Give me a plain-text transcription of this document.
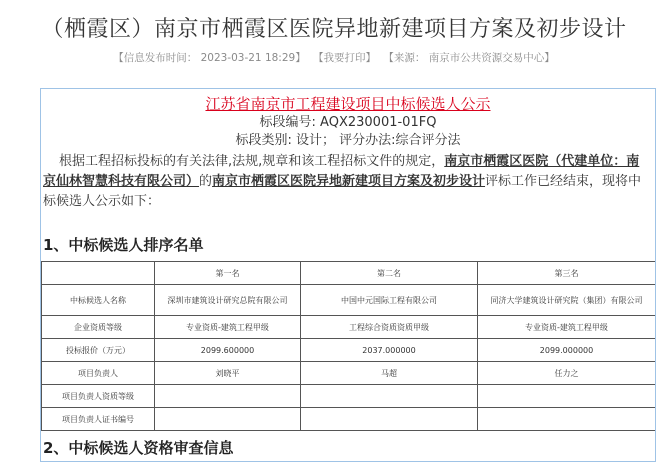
（栖霞区）南京市栖霞区医院异地新建项目方案及初步设计
【信息发布时间： 2023-03-21 18:29】 【我要打印】 【来源： 南京市公共资源交易中心】
江苏省南京市工程建设项目中标候选人公示
标段编号: AQX230001-01FQ
标段类别: 设计； 评分办法:综合评分法
根据工程招标投标的有关法律,法规,规章和该工程招标文件的规定，南京市栖霞区医院（代建单位：南京仙林智慧科技有限公司）的南京市栖霞区医院异地新建项目方案及初步设计评标工作已经结束，现将中标候选人公示如下：
1、中标候选人排序名单
	第一名	第二名	第三名
中标候选人名称	深圳市建筑设计研究总院有限公司	中国中元国际工程有限公司	同济大学建筑设计研究院（集团）有限公司
企业资质等级	专业资质-建筑工程甲级	工程综合资质资质甲级	专业资质-建筑工程甲级
投标报价（万元）	2099.600000	2037.000000	2099.000000
项目负责人	刘晓平	马超	任力之
项目负责人资质等级			
项目负责人证书编号			
2、中标候选人资格审查信息
